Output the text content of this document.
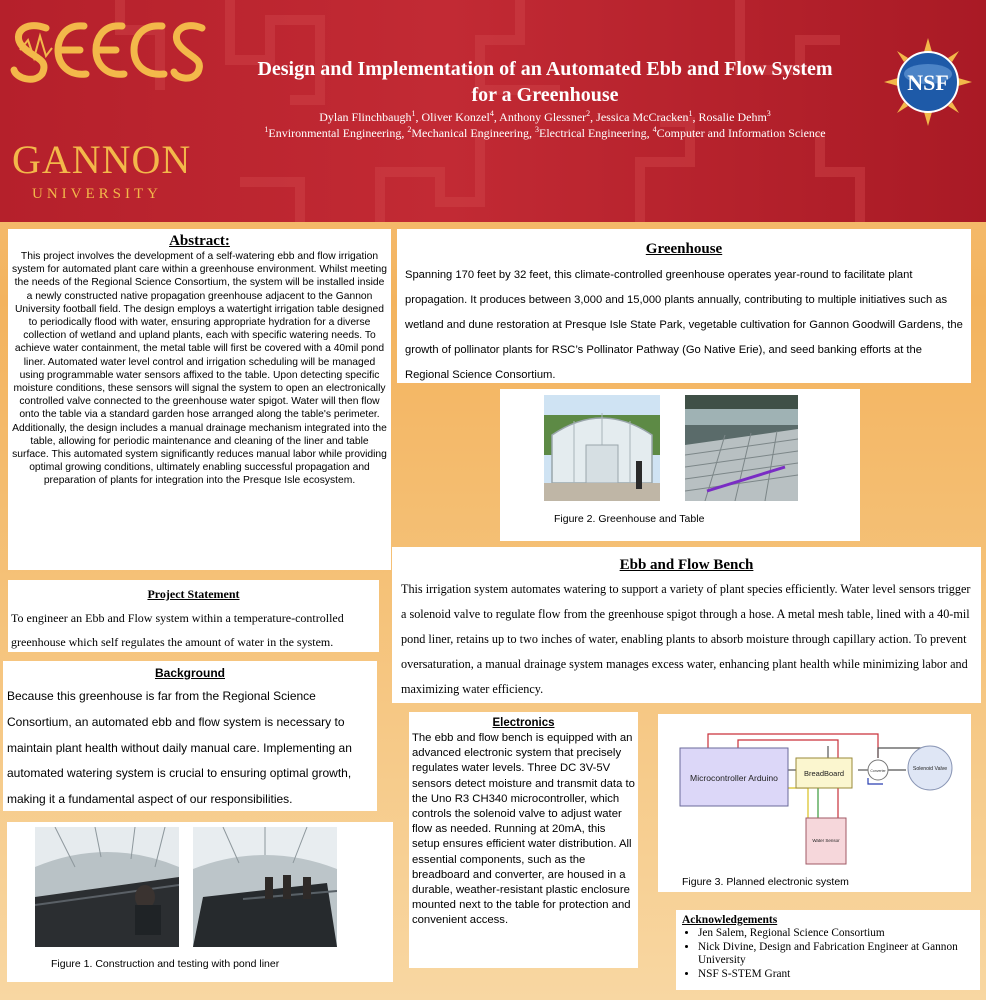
GANNON
UNIVERSITY
Design and Implementation of an Automated Ebb and Flow System
for a Greenhouse
Dylan Flinchbaugh$^1$, Oliver Konzel$^4$, Anthony Glessner$^2$, Jessica McCracken$^1$, Rosalie Dehm$^3$
$^1$Environmental Engineering, $^2$Mechanical Engineering, $^3$Electrical Engineering, $^4$Computer and Information Science
NSF
Abstract:

This project involves the development of a self-watering ebb and flow irrigation system for automated plant care within a greenhouse environment. Whilst meeting the needs of the Regional Science Consortium, the system will be installed inside a newly constructed native propagation greenhouse adjacent to the Gannon University football field. The design employs a watertight irrigation table designed to periodically flood with water, ensuring appropriate hydration for a diverse collection of wetland and upland plants, each with specific watering needs. To achieve water containment, the metal table will first be covered with a 40mil pond liner. Automated water level control and irrigation scheduling will be managed using programmable water sensors affixed to the table. Upon detecting specific moisture conditions, these sensors will signal the system to open an electronically controlled valve connected to the greenhouse water spigot. Water will then flow onto the table via a standard garden hose arranged along the table's perimeter. Additionally, the design includes a manual drainage mechanism integrated into the table, allowing for periodic maintenance and cleaning of the liner and table surface. This automated system significantly reduces manual labor while providing optimal growing conditions, ultimately enabling successful propagation and preparation of plants for integration into the Presque Isle ecosystem.

Project Statement

To engineer an Ebb and Flow system within a temperature-controlled greenhouse which self regulates the amount of water in the system.

Background

Because this greenhouse is far from the Regional Science Consortium, an automated ebb and flow system is necessary to maintain plant health without daily manual care. Implementing an automated watering system is crucial to ensuring optimal growth, making it a fundamental aspect of our responsibilities.

Figure 1. Construction and testing with pond liner
Greenhouse

Spanning 170 feet by 32 feet, this climate-controlled greenhouse operates year-round to facilitate plant propagation. It produces between 3,000 and 15,000 plants annually, contributing to multiple initiatives such as wetland and dune restoration at Presque Isle State Park, vegetable cultivation for Gannon Goodwill Gardens, the growth of pollinator plants for RSC’s Pollinator Pathway (Go Native Erie), and seed banking efforts at the Regional Science Consortium.

Figure 2. Greenhouse and Table
Ebb and Flow Bench

This irrigation system automates watering to support a variety of plant species efficiently. Water level sensors trigger a solenoid valve to regulate flow from the greenhouse spigot through a hose. A metal mesh table, lined with a 40-mil pond liner, retains up to two inches of water, enabling plants to absorb moisture through capillary action. To prevent oversaturation, a manual drainage system manages excess water, enhancing plant health while minimizing labor and maximizing water efficiency.

Electronics

The ebb and flow bench is equipped with an advanced electronic system that precisely regulates water levels. Three DC 3V-5V sensors detect moisture and transmit data to the Uno R3 CH340 microcontroller, which controls the solenoid valve to adjust water flow as needed. Running at 20mA, this setup ensures efficient water distribution. All essential components, such as the breadboard and converter, are housed in a durable, weather-resistant plastic enclosure mounted next to the table for protection and convenient access.

Microcontroller Arduino	BreadBoard	Converter	Solenoid Valve
Water Sensor
Figure 3. Planned electronic system
Acknowledgements
• Jen Salem, Regional Science Consortium
• Nick Divine, Design and Fabrication Engineer at Gannon University
• NSF S-STEM Grant
